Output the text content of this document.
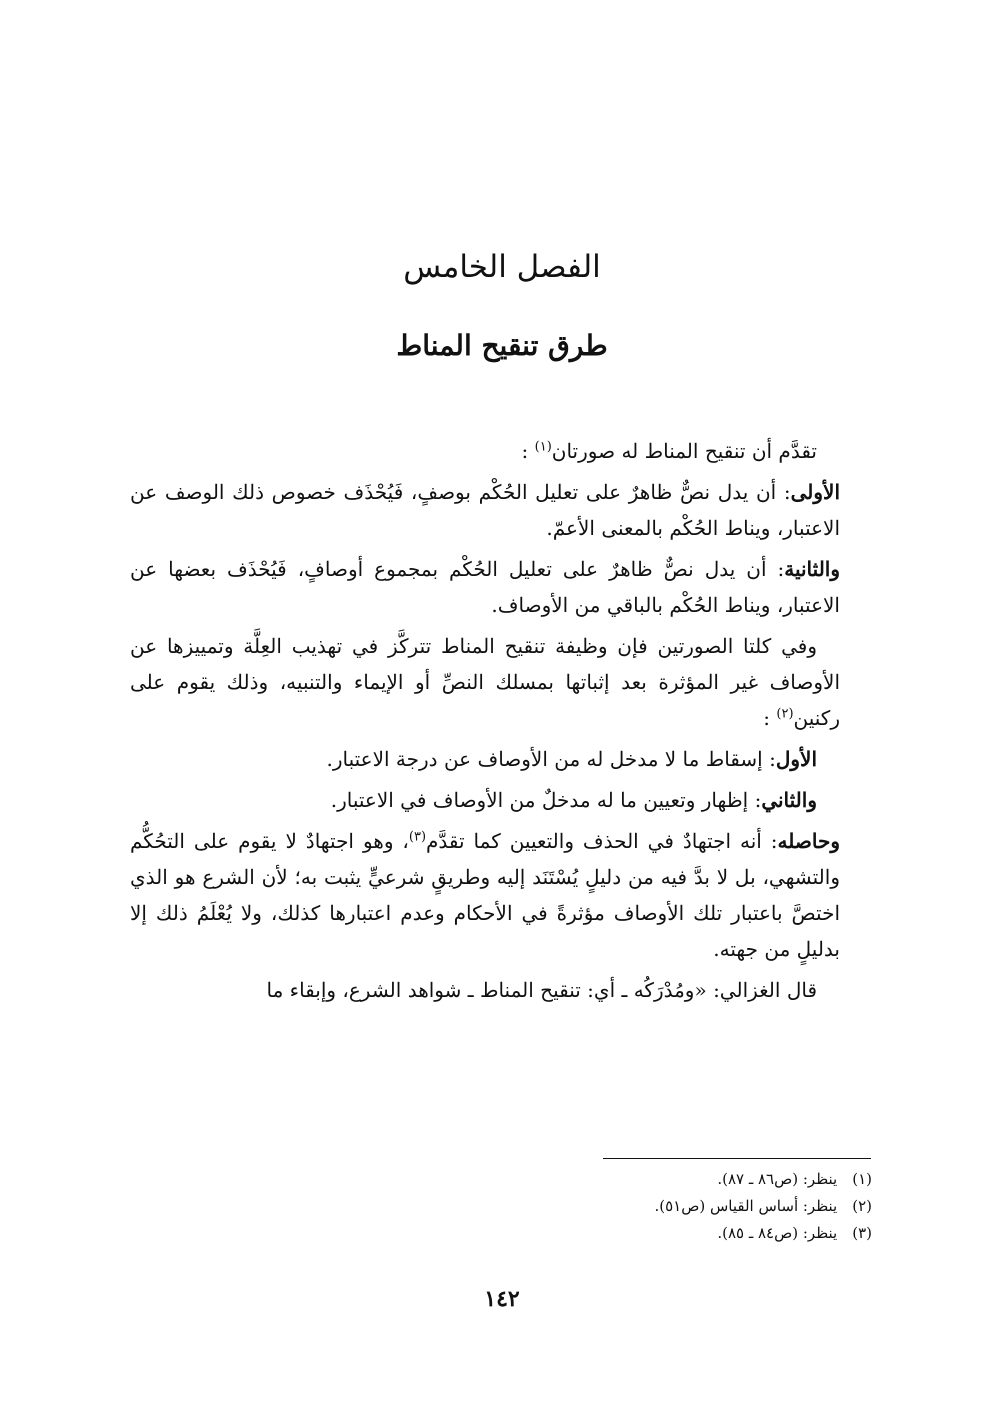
الفصل الخامس
طرق تنقيح المناط

تقدَّم أن تنقيح المناط له صورتان$^{(١)}$ :

الأولى: أن يدل نصٌّ ظاهرٌ على تعليل الحُكْم بوصفٍ، فَيُحْذَف خصوص ذلك الوصف عن الاعتبار، ويناط الحُكْم بالمعنى الأعمّ.

والثانية: أن يدل نصٌّ ظاهرٌ على تعليل الحُكْم بمجموع أوصافٍ، فَيُحْذَف بعضها عن الاعتبار، ويناط الحُكْم بالباقي من الأوصاف.

وفي كلتا الصورتين فإن وظيفة تنقيح المناط تتركَّز في تهذيب العِلَّة وتمييزها عن الأوصاف غير المؤثرة بعد إثباتها بمسلك النصِّ أو الإيماء والتنبيه، وذلك يقوم على ركنين$^{(٢)}$ :

الأول: إسقاط ما لا مدخل له من الأوصاف عن درجة الاعتبار.

والثاني: إظهار وتعيين ما له مدخلٌ من الأوصاف في الاعتبار.

وحاصله: أنه اجتهادٌ في الحذف والتعيين كما تقدَّم$^{(٣)}$، وهو اجتهادٌ لا يقوم على التحُكُّم والتشهي، بل لا بدَّ فيه من دليلٍ يُسْتَنَد إليه وطريقٍ شرعيٍّ يثبت به؛ لأن الشرع هو الذي اختصَّ باعتبار تلك الأوصاف مؤثرةً في الأحكام وعدم اعتبارها كذلك، ولا يُعْلَمُ ذلك إلا بدليلٍ من جهته.

قال الغزالي: «ومُدْرَكُه ـ أي: تنقيح المناط ـ شواهد الشرع، وإبقاء ما

(١) ينظر: (ص٨٦ ـ ٨٧).
(٢) ينظر: أساس القياس (ص٥١).
(٣) ينظر: (ص٨٤ ـ ٨٥).
١٤٢
